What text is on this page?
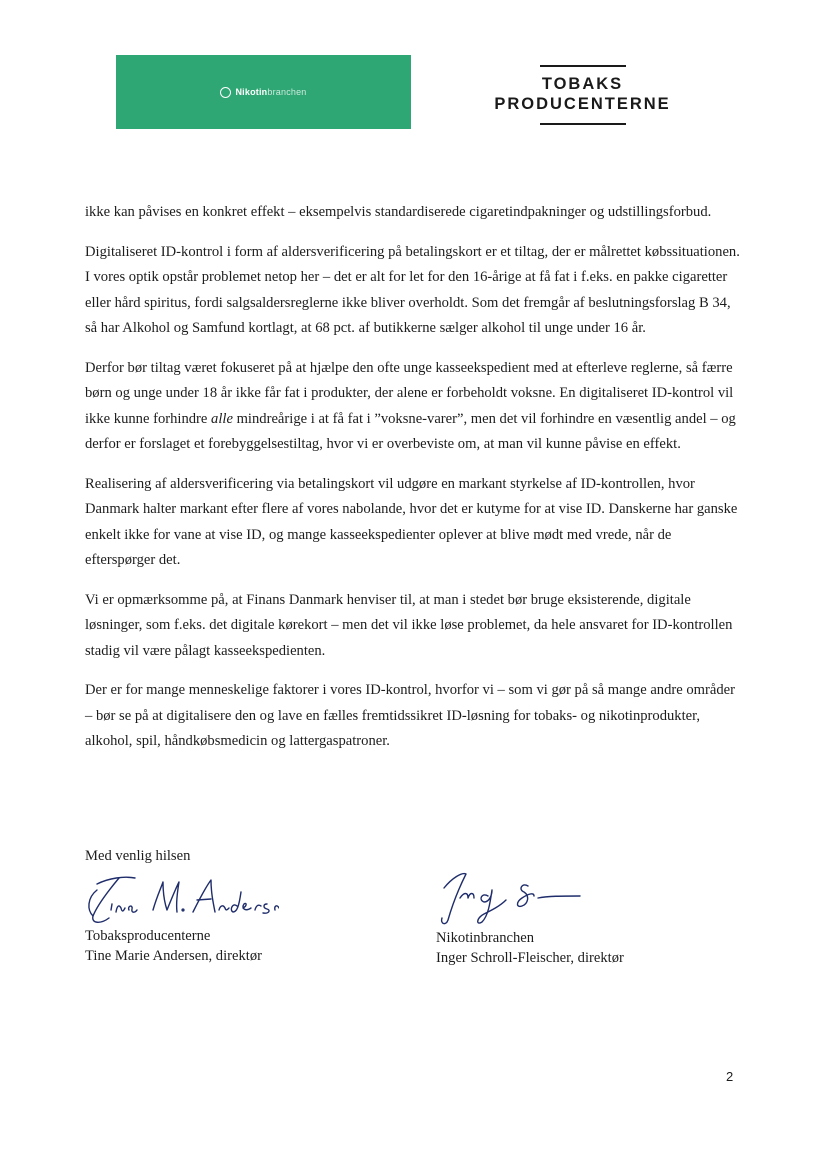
Nikotinbranchen	TOBAKS
PRODUCENTERNE

ikke kan påvises en konkret effekt – eksempelvis standardiserede cigaretindpakninger og udstillingsforbud.

Digitaliseret ID-kontrol i form af aldersverificering på betalingskort er et tiltag, der er målrettet købssituationen. I vores optik opstår problemet netop her – det er alt for let for den 16-årige at få fat i f.eks. en pakke cigaretter eller hård spiritus, fordi salgsaldersreglerne ikke bliver overholdt. Som det fremgår af beslutningsforslag B 34, så har Alkohol og Samfund kortlagt, at 68 pct. af butikkerne sælger alkohol til unge under 16 år.

Derfor bør tiltag været fokuseret på at hjælpe den ofte unge kasseekspedient med at efterleve reglerne, så færre børn og unge under 18 år ikke får fat i produkter, der alene er forbeholdt voksne. En digitaliseret ID-kontrol vil ikke kunne forhindre alle mindreårige i at få fat i ”voksne-varer”, men det vil forhindre en væsentlig andel – og derfor er forslaget et forebyggelsestiltag, hvor vi er overbeviste om, at man vil kunne påvise en effekt.

Realisering af aldersverificering via betalingskort vil udgøre en markant styrkelse af ID-kontrollen, hvor Danmark halter markant efter flere af vores nabolande, hvor det er kutyme for at vise ID. Danskerne har ganske enkelt ikke for vane at vise ID, og mange kasseekspedienter oplever at blive mødt med vrede, når de efterspørger det.

Vi er opmærksomme på, at Finans Danmark henviser til, at man i stedet bør bruge eksisterende, digitale løsninger, som f.eks. det digitale kørekort – men det vil ikke løse problemet, da hele ansvaret for ID-kontrollen stadig vil være pålagt kasseekspedienten.

Der er for mange menneskelige faktorer i vores ID-kontrol, hvorfor vi – som vi gør på så mange andre områder – bør se på at digitalisere den og lave en fælles fremtidssikret ID-løsning for tobaks- og nikotinprodukter, alkohol, spil, håndkøbsmedicin og lattergaspatroner.

Med venlig hilsen
Tobaksproducenterne
Tine Marie Andersen, direktør
Nikotinbranchen
Inger Schroll-Fleischer, direktør
2
